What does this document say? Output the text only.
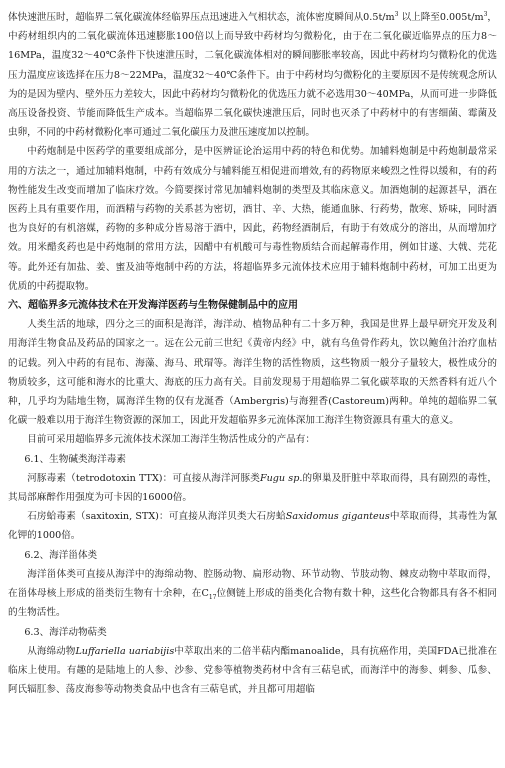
体快速泄压时，超临界二氧化碳流体经临界压点迅速进入气相状态，流体密度瞬间从$0.5t/m^3$ 以上降至$0.005t/m^3$，中药材组织内的二氧化碳流体迅速膨胀100倍以上而导致中药材均匀微粉化，由于在二氧化碳近临界点的压力8～16MPa，温度32～40℃条件下快速泄压时，二氧化碳流体相对的瞬间膨胀率较高，因此中药材均匀微粉化的优选压力温度应该选择在压力8～22MPa，温度32～40℃条件下。由于中药材均匀微粉化的主要原因不是传统观念所认为的是因为壁内、壁外压力差较大，因此中药材均匀微粉化的优选压力就不必选用30～40MPa，从而可进一步降低高压设备投资、节能而降低生产成本。当超临界二氧化碳快速泄压后，同时也灭杀了中药材中的有害细菌、霉菌及虫卵，不同的中药材微粉化率可通过二氧化碳压力及泄压速度加以控制。

中药炮制是中医药学的重要组成部分，是中医辨证论治运用中药的特色和优势。加辅料炮制是中药炮制最常采用的方法之一，通过加辅料炮制，中药有效成分与辅料能互相促进而增效,有的药物原来峻烈之性得以缓和，有的药物性能发生改变而增加了临床疗效。今简要探讨常见加辅料炮制的类型及其临床意义。加酒炮制的起源甚早，酒在医药上具有重要作用，而酒精与药物的关系甚为密切，酒甘、辛、大热，能通血脉、行药势，散寒、矫味，同时酒也为良好的有机溶媒，药物的多种成分皆易溶于酒中，因此，药物经酒制后，有助于有效成分的溶出，从而增加疗效。用米醋炙药也是中药炮制的常用方法，因醋中有机酸可与毒性物质结合而起解毒作用，例如甘遂、大戟、芫花等。此外还有加盐、姜、蜜及油等炮制中药的方法，将超临界多元流体技术应用于辅料炮制中药材，可加工出更为优质的中药提取物。

六、超临界多元流体技术在开发海洋医药与生物保健制品中的应用

人类生活的地球，四分之三的面积是海洋，海洋动、植物品种有二十多万种，我国是世界上最早研究开发及利用海洋生物食品及药品的国家之一。远在公元前三世纪《黄帝内经》中，就有乌鱼骨作药丸，饮以鲍鱼汁治疗血枯的记载。列入中药的有昆布、海藻、海马、玳瑁等。海洋生物的活性物质，这些物质一般分子量较大，极性成分的物质较多，这可能和海水的比重大、海底的压力高有关。目前发现易于用超临界二氧化碳萃取的天然香料有近八个种，几乎均为陆地生物，属海洋生物的仅有龙涎香（Ambergris)与海狸香(Castoreum)两种。单纯的超临界二氧化碳一般难以用于海洋生物资源的深加工，因此开发超临界多元流体深加工海洋生物资源具有重大的意义。

目前可采用超临界多元流体技术深加工海洋生物活性成分的产品有：

6.1、生物碱类海洋毒素

河豚毒素（tetrodotoxin TTX)：可直接从海洋河豚类Fugu sp.的卵巢及肝脏中萃取而得，具有剧烈的毒性，其局部麻醉作用强度为可卡因的16000倍。

石房蛤毒素（saxitoxin, STX)：可直接从海洋贝类大石房蛤Saxidomus giganteus中萃取而得，其毒性为氰化钾的1000倍。

6.2、海洋甾体类

海洋甾体类可直接从海洋中的海绵动物、腔肠动物、扁形动物、环节动物、节肢动物、棘皮动物中萃取而得，在甾体母核上形成的甾类衍生物有十余种，在$C_{17}$位侧链上形成的甾类化合物有数十种，这些化合物都具有各不相同的生物活性。

6.3、海洋动物萜类

从海绵动物Luffariella uariabijis中萃取出来的二倍半萜内酯manoalide，具有抗癌作用，美国FDA已批准在临床上使用。有趣的是陆地上的人参、沙参、党参等植物类药材中含有三萜皂甙，而海洋中的海参、刺参、瓜参、阿氏辐肛参、荡皮海参等动物类食品中也含有三萜皂甙，并且都可用超临
